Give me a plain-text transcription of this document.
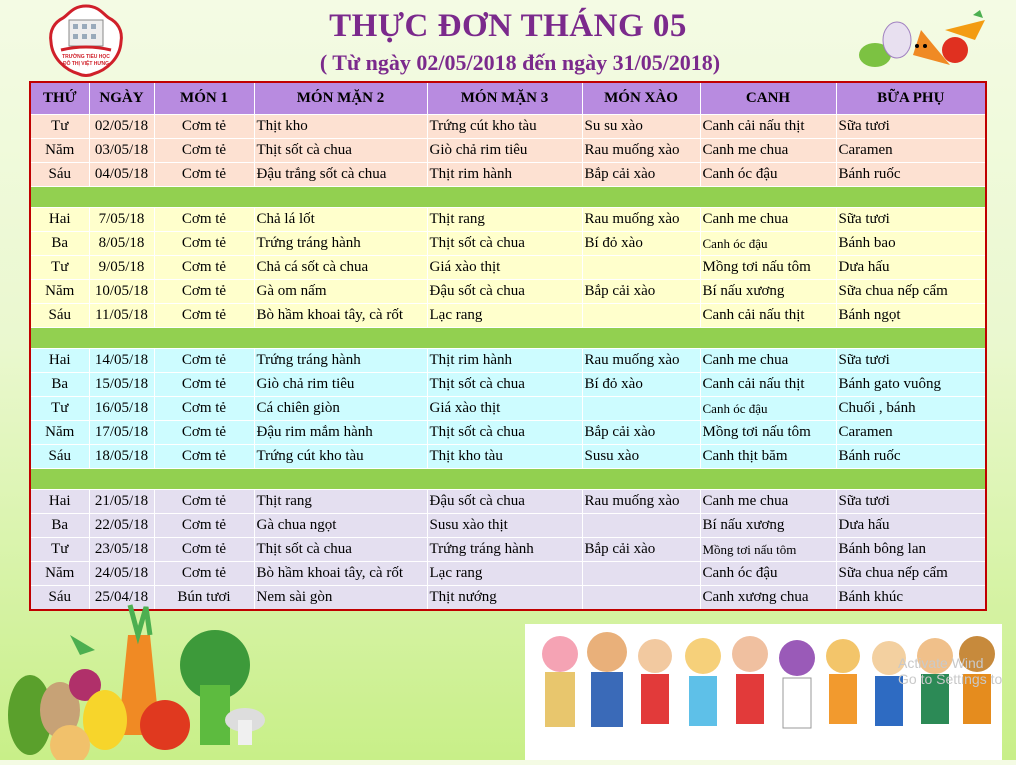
TRƯỜNG TIỂU HỌC
ĐÔ THỊ VIỆT HƯNG
THỰC ĐƠN THÁNG 05
( Từ ngày 02/05/2018 đến ngày 31/05/2018)
THỨ	NGÀY	MÓN 1	MÓN MẶN 2	MÓN MẶN 3	MÓN XÀO	CANH	BỮA PHỤ
Tư	02/05/18	Cơm tẻ	Thịt kho	Trứng cút kho tàu	Su su xào	Canh cải nấu thịt	Sữa tươi
Năm	03/05/18	Cơm tẻ	Thịt sốt cà chua	Giò chả rim tiêu	Rau muống xào	Canh me chua	Caramen
Sáu	04/05/18	Cơm tẻ	Đậu trắng sốt cà chua	Thịt rim hành	Bắp cải xào	Canh óc đậu	Bánh ruốc

Hai	7/05/18	Cơm tẻ	Chả lá lốt	Thịt rang	Rau muống xào	Canh me chua	Sữa tươi
Ba	8/05/18	Cơm tẻ	Trứng tráng hành	Thịt sốt cà chua	Bí đỏ xào	Canh óc đậu	Bánh bao
Tư	9/05/18	Cơm tẻ	Chả cá sốt cà chua	Giá xào thịt		Mồng tơi nấu tôm	Dưa hấu
Năm	10/05/18	Cơm tẻ	Gà om nấm	Đậu sốt cà chua	Bắp cải xào	Bí nấu xương	Sữa chua nếp cẩm
Sáu	11/05/18	Cơm tẻ	Bò hầm khoai tây, cà rốt	Lạc rang		Canh cải nấu thịt	Bánh ngọt

Hai	14/05/18	Cơm tẻ	Trứng tráng hành	Thịt rim hành	Rau muống xào	Canh me chua	Sữa tươi
Ba	15/05/18	Cơm tẻ	Giò chả rim tiêu	Thịt sốt cà chua	Bí đỏ xào	Canh cải nấu thịt	Bánh gato vuông
Tư	16/05/18	Cơm tẻ	Cá chiên giòn	Giá xào thịt		Canh óc đậu	Chuối , bánh
Năm	17/05/18	Cơm tẻ	Đậu rim mắm hành	Thịt sốt cà chua	Bắp cải xào	Mồng tơi nấu tôm	Caramen
Sáu	18/05/18	Cơm tẻ	Trứng cút kho tàu	Thịt kho tàu	Susu xào	Canh thịt băm	Bánh ruốc

Hai	21/05/18	Cơm tẻ	Thịt rang	Đậu sốt cà chua	Rau muống xào	Canh me chua	Sữa tươi
Ba	22/05/18	Cơm tẻ	Gà chua ngọt	Susu xào thịt		Bí nấu xương	Dưa hấu
Tư	23/05/18	Cơm tẻ	Thịt sốt cà chua	Trứng tráng hành	Bắp cải xào	Mồng tơi nấu tôm	Bánh bông lan
Năm	24/05/18	Cơm tẻ	Bò hầm khoai tây, cà rốt	Lạc rang		Canh óc đậu	Sữa chua nếp cẩm
Sáu	25/04/18	Bún tươi	Nem sài gòn	Thịt nướng		Canh xương chua	Bánh khúc
Activate Wind
Go to Settings to
